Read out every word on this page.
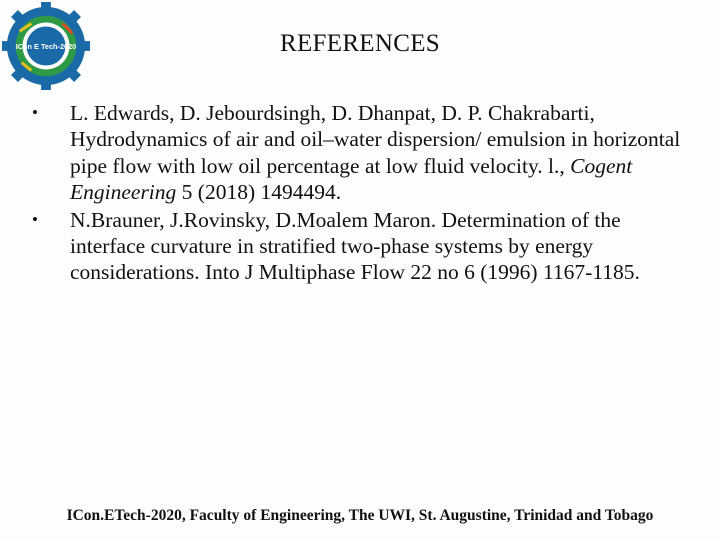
ICon E Tech-2020	REFERENCES
• L. Edwards, D. Jebourdsingh, D. Dhanpat, D. P. Chakrabarti, Hydrodynamics of air and oil–water dispersion/ emulsion in horizontal pipe flow with low oil percentage at low fluid velocity. l., Cogent Engineering 5 (2018) 1494494.
• N.Brauner, J.Rovinsky, D.Moalem Maron. Determination of the interface curvature in stratified two-phase systems by energy considerations. Into J Multiphase Flow 22 no 6 (1996) 1167-1185.
ICon.ETech-2020, Faculty of Engineering, The UWI, St. Augustine, Trinidad and Tobago
